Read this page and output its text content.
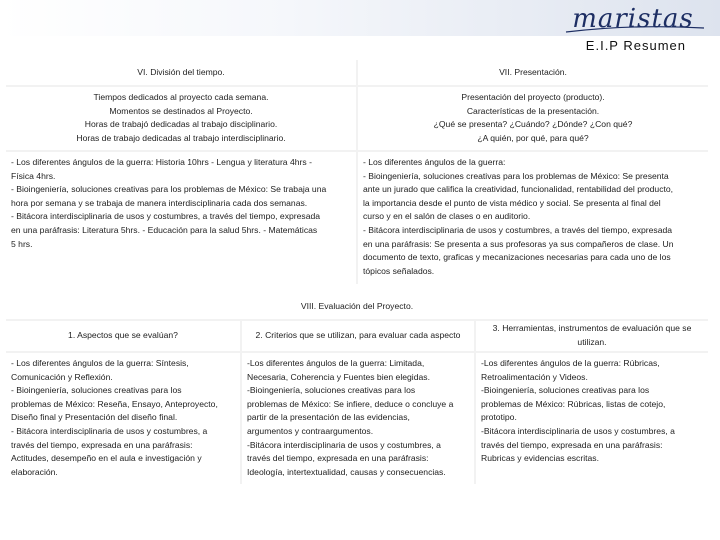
maristas
E.I.P Resumen
VI. División del tiempo.	VII. Presentación.
Tiempos dedicados al proyecto cada semana.
Momentos se destinados al Proyecto.
Horas de trabajó dedicadas al trabajo disciplinario.
Horas de trabajo dedicadas al trabajo interdisciplinario.
Presentación del proyecto (producto).
Características de la presentación.
¿Qué se presenta? ¿Cuándo? ¿Dónde? ¿Con qué?
¿A quién, por qué, para qué?
- Los diferentes ángulos de la guerra: Historia 10hrs - Lengua y literatura 4hrs -
Física 4hrs.
- Bioingeniería, soluciones creativas para los problemas de México: Se trabaja una
hora por semana y se trabaja de manera interdisciplinaria cada dos semanas.
- Bitácora interdisciplinaria de usos y costumbres, a través del tiempo, expresada
en una paráfrasis: Literatura 5hrs. - Educación para la salud 5hrs. - Matemáticas
5 hrs.
- Los diferentes ángulos de la guerra:
- Bioingeniería, soluciones creativas para los problemas de México: Se presenta
ante un jurado que califica la creatividad, funcionalidad, rentabilidad del producto,
la importancia desde el punto de vista médico y social. Se presenta al final del
curso y en el salón de clases o en auditorio.
- Bitácora interdisciplinaria de usos y costumbres, a través del tiempo, expresada
en una paráfrasis: Se presenta a sus profesoras ya sus compañeros de clase. Un
documento de texto, graficas y mecanizaciones necesarias para cada uno de los
tópicos señalados.
VIII. Evaluación del Proyecto.
1. Aspectos que se evalúan?	2. Criterios que se utilizan, para evaluar cada aspecto
3. Herramientas, instrumentos de evaluación que se
utilizan.
- Los diferentes ángulos de la guerra: Síntesis,
Comunicación y Reflexión.
- Bioingeniería, soluciones creativas para los
problemas de México: Reseña, Ensayo, Anteproyecto,
Diseño final y Presentación del diseño final.
- Bitácora interdisciplinaria de usos y costumbres, a
través del tiempo, expresada en una paráfrasis:
Actitudes, desempeño en el aula e investigación y
elaboración.
-Los diferentes ángulos de la guerra: Limitada,
Necesaria, Coherencia y Fuentes bien elegidas.
-Bioingeniería, soluciones creativas para los
problemas de México: Se infiere, deduce o concluye a
partir de la presentación de las evidencias,
argumentos y contraargumentos.
-Bitácora interdisciplinaria de usos y costumbres, a
través del tiempo, expresada en una paráfrasis:
Ideología, intertextualidad, causas y consecuencias.
-Los diferentes ángulos de la guerra: Rúbricas,
Retroalimentación y Videos.
-Bioingeniería, soluciones creativas para los
problemas de México: Rúbricas, listas de cotejo,
prototipo.
-Bitácora interdisciplinaria de usos y costumbres, a
través del tiempo, expresada en una paráfrasis:
Rubricas y evidencias escritas.
